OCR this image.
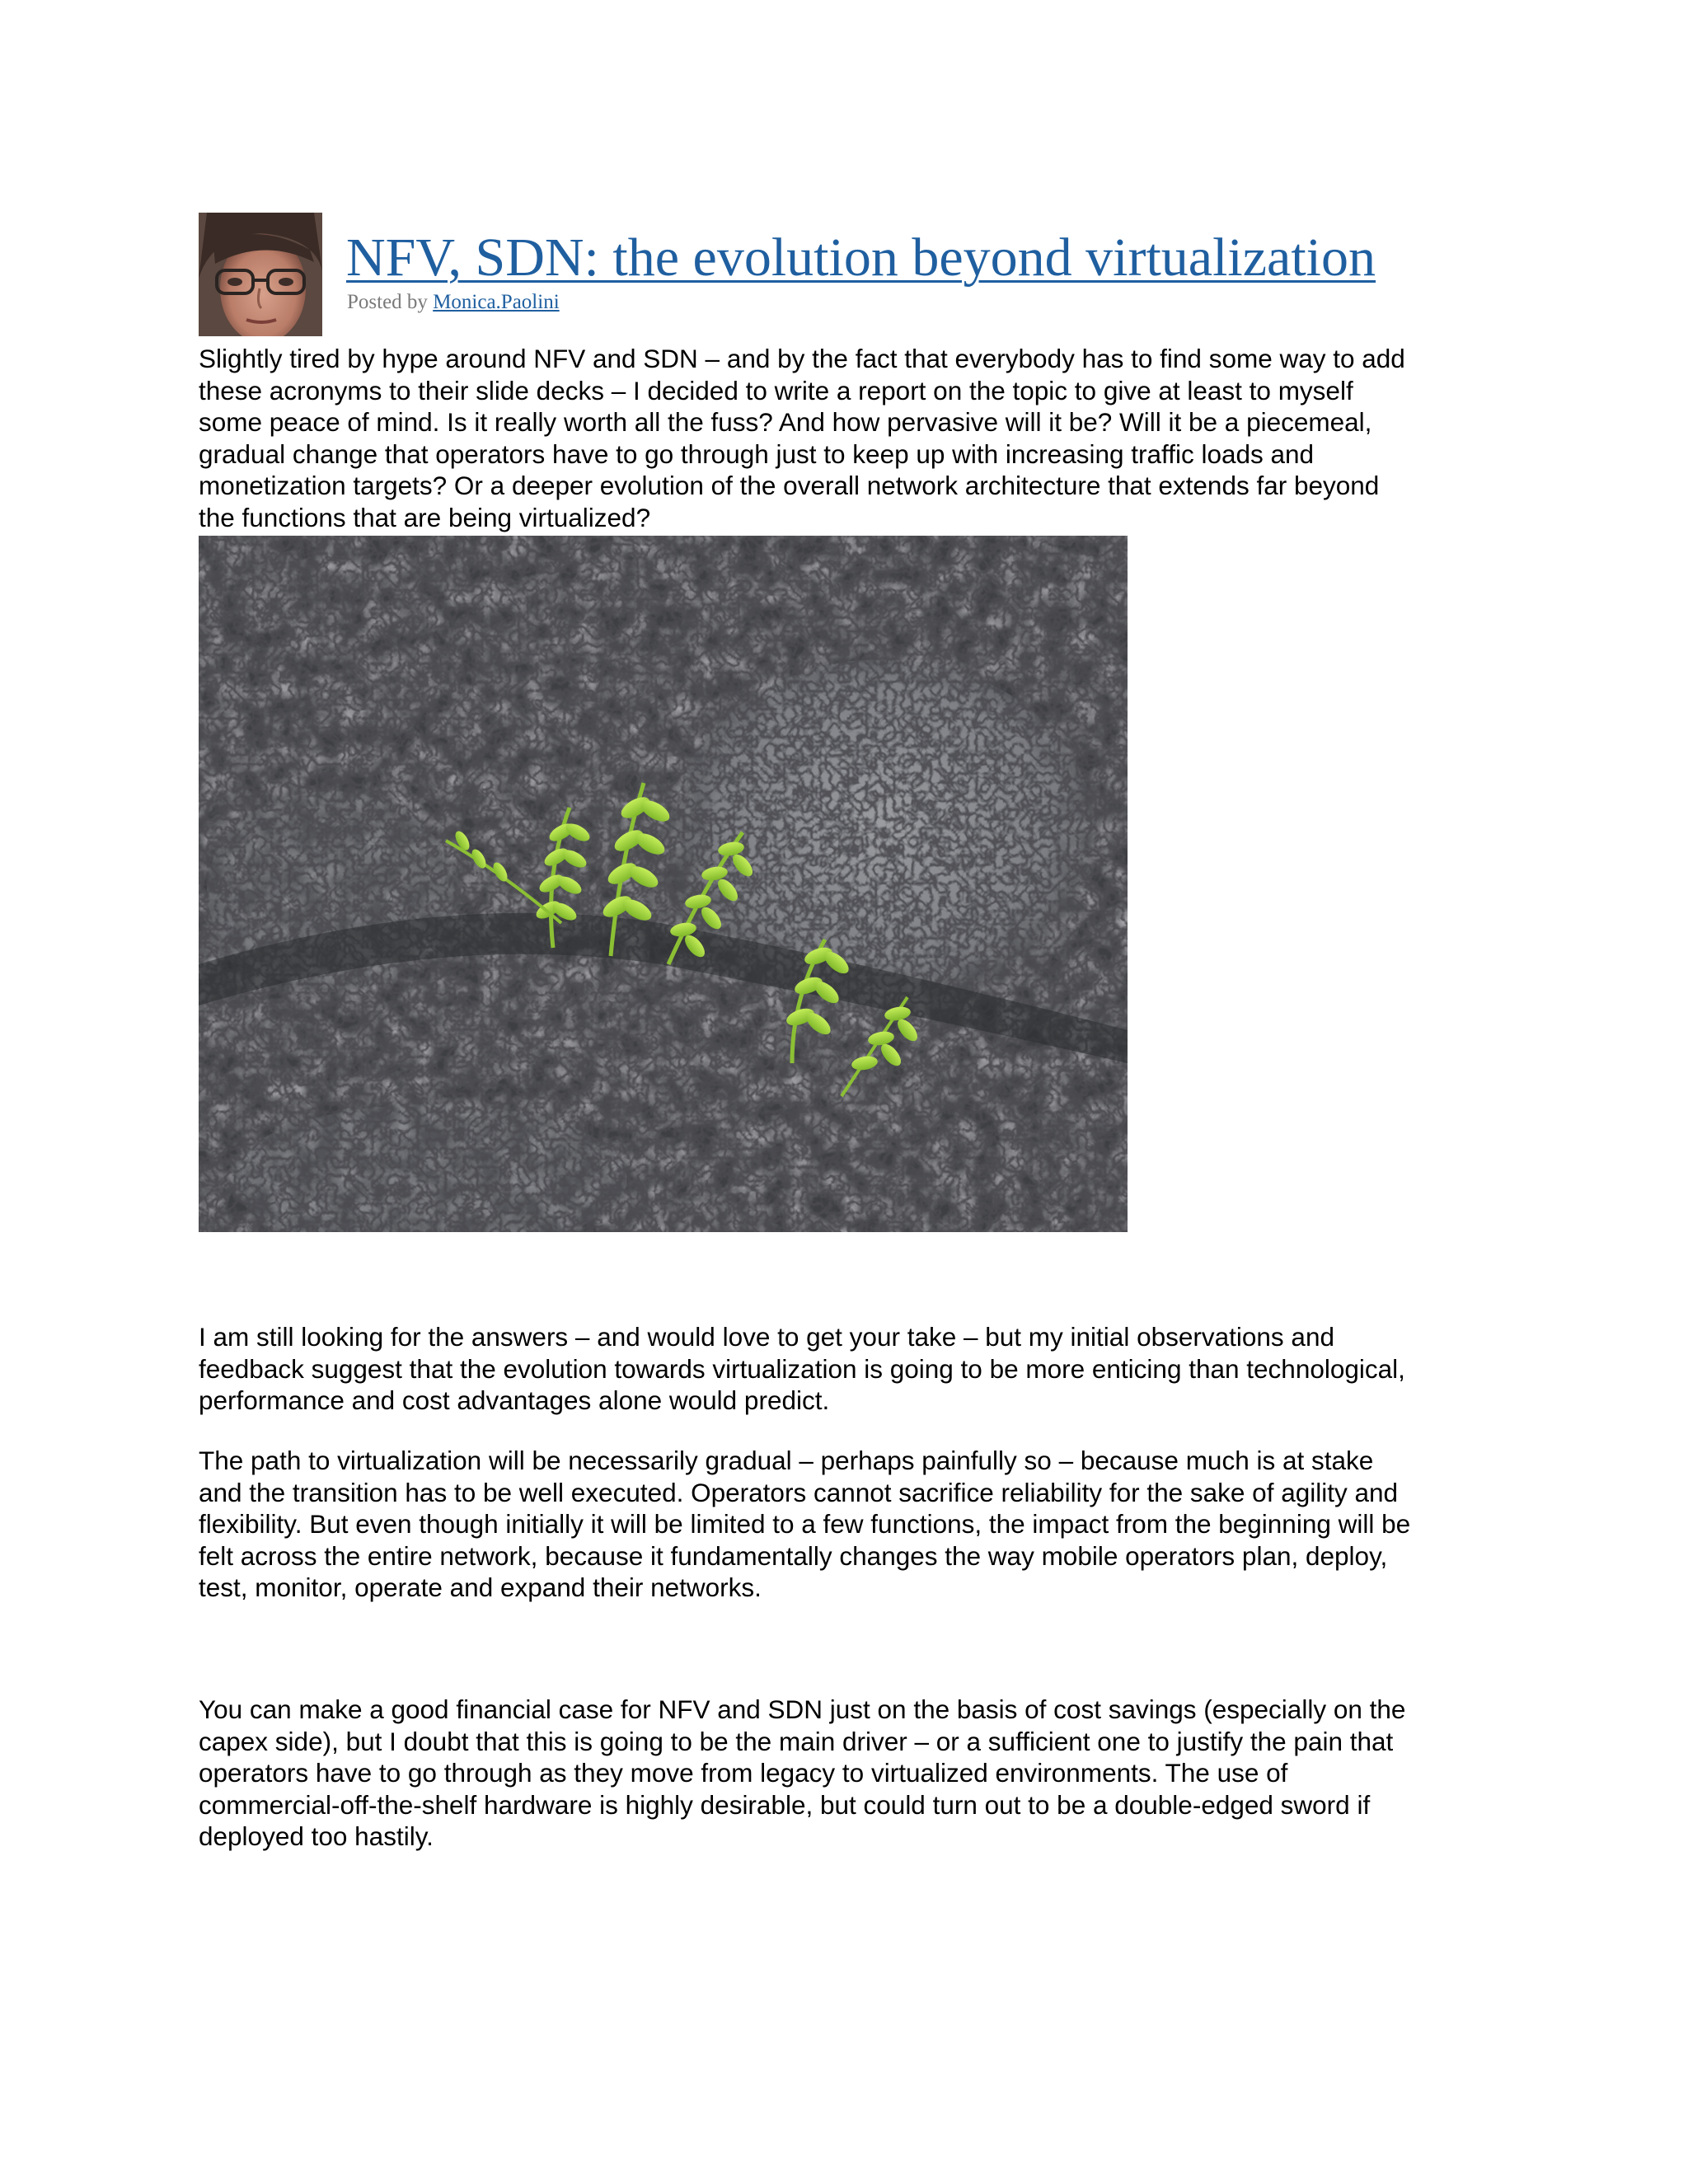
NFV, SDN: the evolution beyond virtualization
Posted by Monica.Paolini

Slightly tired by hype around NFV and SDN – and by the fact that everybody has to find some way to add
these acronyms to their slide decks – I decided to write a report on the topic to give at least to myself
some peace of mind. Is it really worth all the fuss? And how pervasive will it be? Will it be a piecemeal,
gradual change that operators have to go through just to keep up with increasing traffic loads and
monetization targets? Or a deeper evolution of the overall network architecture that extends far beyond
the functions that are being virtualized?

I am still looking for the answers – and would love to get your take – but my initial observations and
feedback suggest that the evolution towards virtualization is going to be more enticing than technological,
performance and cost advantages alone would predict.

The path to virtualization will be necessarily gradual – perhaps painfully so – because much is at stake
and the transition has to be well executed. Operators cannot sacrifice reliability for the sake of agility and
flexibility. But even though initially it will be limited to a few functions, the impact from the beginning will be
felt across the entire network, because it fundamentally changes the way mobile operators plan, deploy,
test, monitor, operate and expand their networks.

You can make a good financial case for NFV and SDN just on the basis of cost savings (especially on the
capex side), but I doubt that this is going to be the main driver – or a sufficient one to justify the pain that
operators have to go through as they move from legacy to virtualized environments. The use of
commercial-off-the-shelf hardware is highly desirable, but could turn out to be a double-edged sword if
deployed too hastily.
